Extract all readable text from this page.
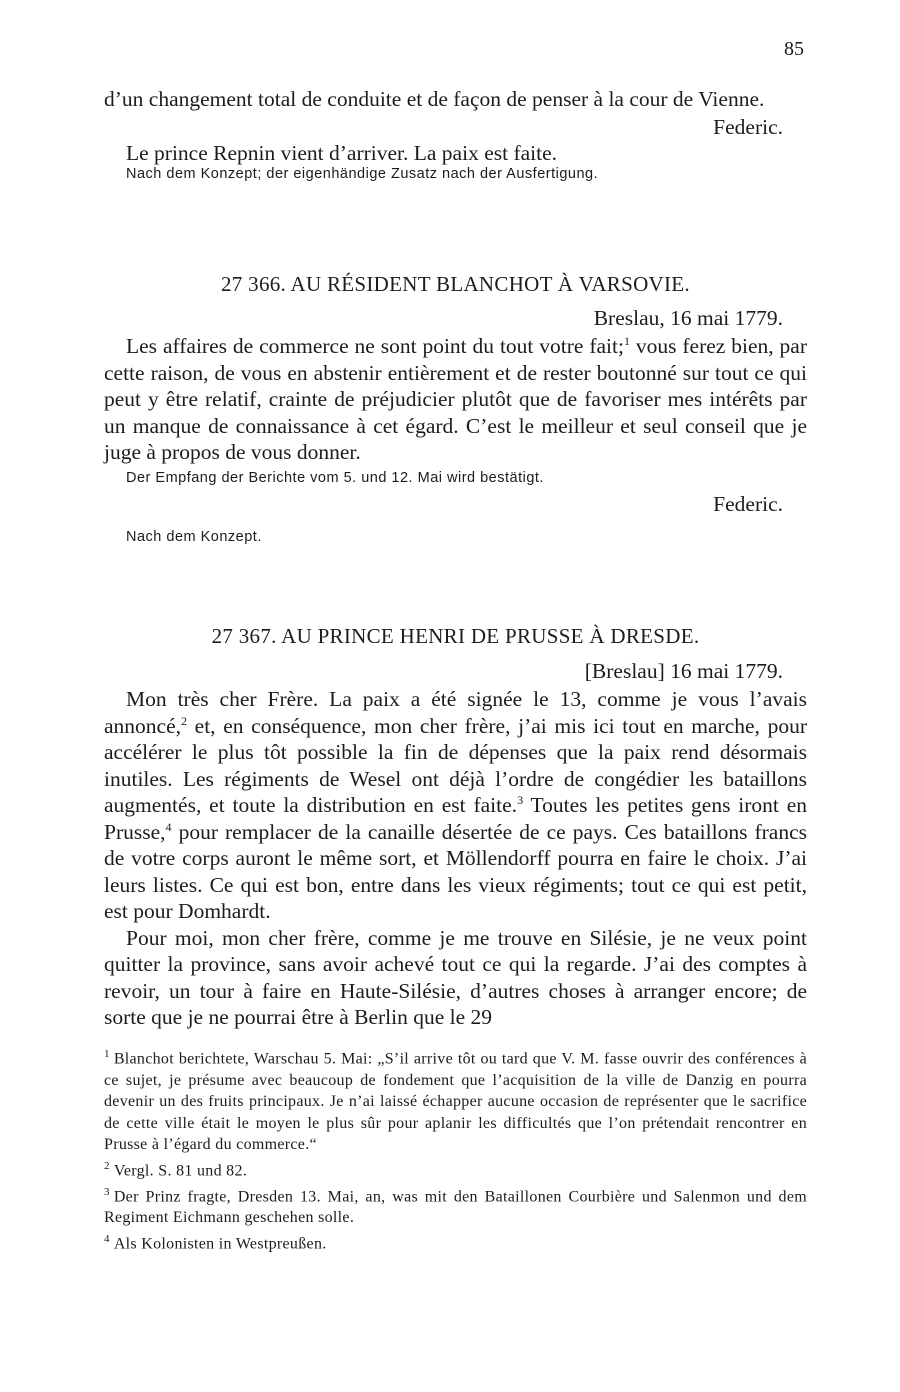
85

d’un changement total de conduite et de façon de penser à la cour de Vienne.

Federic.

Le prince Repnin vient d’arriver. La paix est faite.

Nach dem Konzept; der eigenhändige Zusatz nach der Ausfertigung.

27 366. AU RÉSIDENT BLANCHOT À VARSOVIE.

Breslau, 16 mai 1779.

Les affaires de commerce ne sont point du tout votre fait;$^1$ vous ferez bien, par cette raison, de vous en abstenir entièrement et de rester boutonné sur tout ce qui peut y être relatif, crainte de préjudicier plutôt que de favoriser mes intérêts par un manque de connaissance à cet égard. C’est le meilleur et seul conseil que je juge à propos de vous donner.

Der Empfang der Berichte vom 5. und 12. Mai wird bestätigt.

Federic.

Nach dem Konzept.

27 367. AU PRINCE HENRI DE PRUSSE À DRESDE.

[Breslau] 16 mai 1779.

Mon très cher Frère. La paix a été signée le 13, comme je vous l’avais annoncé,$^2$ et, en conséquence, mon cher frère, j’ai mis ici tout en marche, pour accélérer le plus tôt possible la fin de dépenses que la paix rend désormais inutiles. Les régiments de Wesel ont déjà l’ordre de congédier les bataillons augmentés, et toute la distribution en est faite.$^3$ Toutes les petites gens iront en Prusse,$^4$ pour remplacer de la canaille désertée de ce pays. Ces bataillons francs de votre corps auront le même sort, et Möllendorff pourra en faire le choix. J’ai leurs listes. Ce qui est bon, entre dans les vieux régiments; tout ce qui est petit, est pour Domhardt.

Pour moi, mon cher frère, comme je me trouve en Silésie, je ne veux point quitter la province, sans avoir achevé tout ce qui la regarde. J’ai des comptes à revoir, un tour à faire en Haute-Silésie, d’autres choses à arranger encore; de sorte que je ne pourrai être à Berlin que le 29

$^1$ Blanchot berichtete, Warschau 5. Mai: „S’il arrive tôt ou tard que V. M. fasse ouvrir des conférences à ce sujet, je présume avec beaucoup de fondement que l’acquisition de la ville de Danzig en pourra devenir un des fruits principaux. Je n’ai laissé échapper aucune occasion de représenter que le sacrifice de cette ville était le moyen le plus sûr pour aplanir les difficultés que l’on prétendait rencontrer en Prusse à l’égard du commerce.“

$^2$ Vergl. S. 81 und 82.

$^3$ Der Prinz fragte, Dresden 13. Mai, an, was mit den Bataillonen Courbière und Salenmon und dem Regiment Eichmann geschehen solle.

$^4$ Als Kolonisten in Westpreußen.
